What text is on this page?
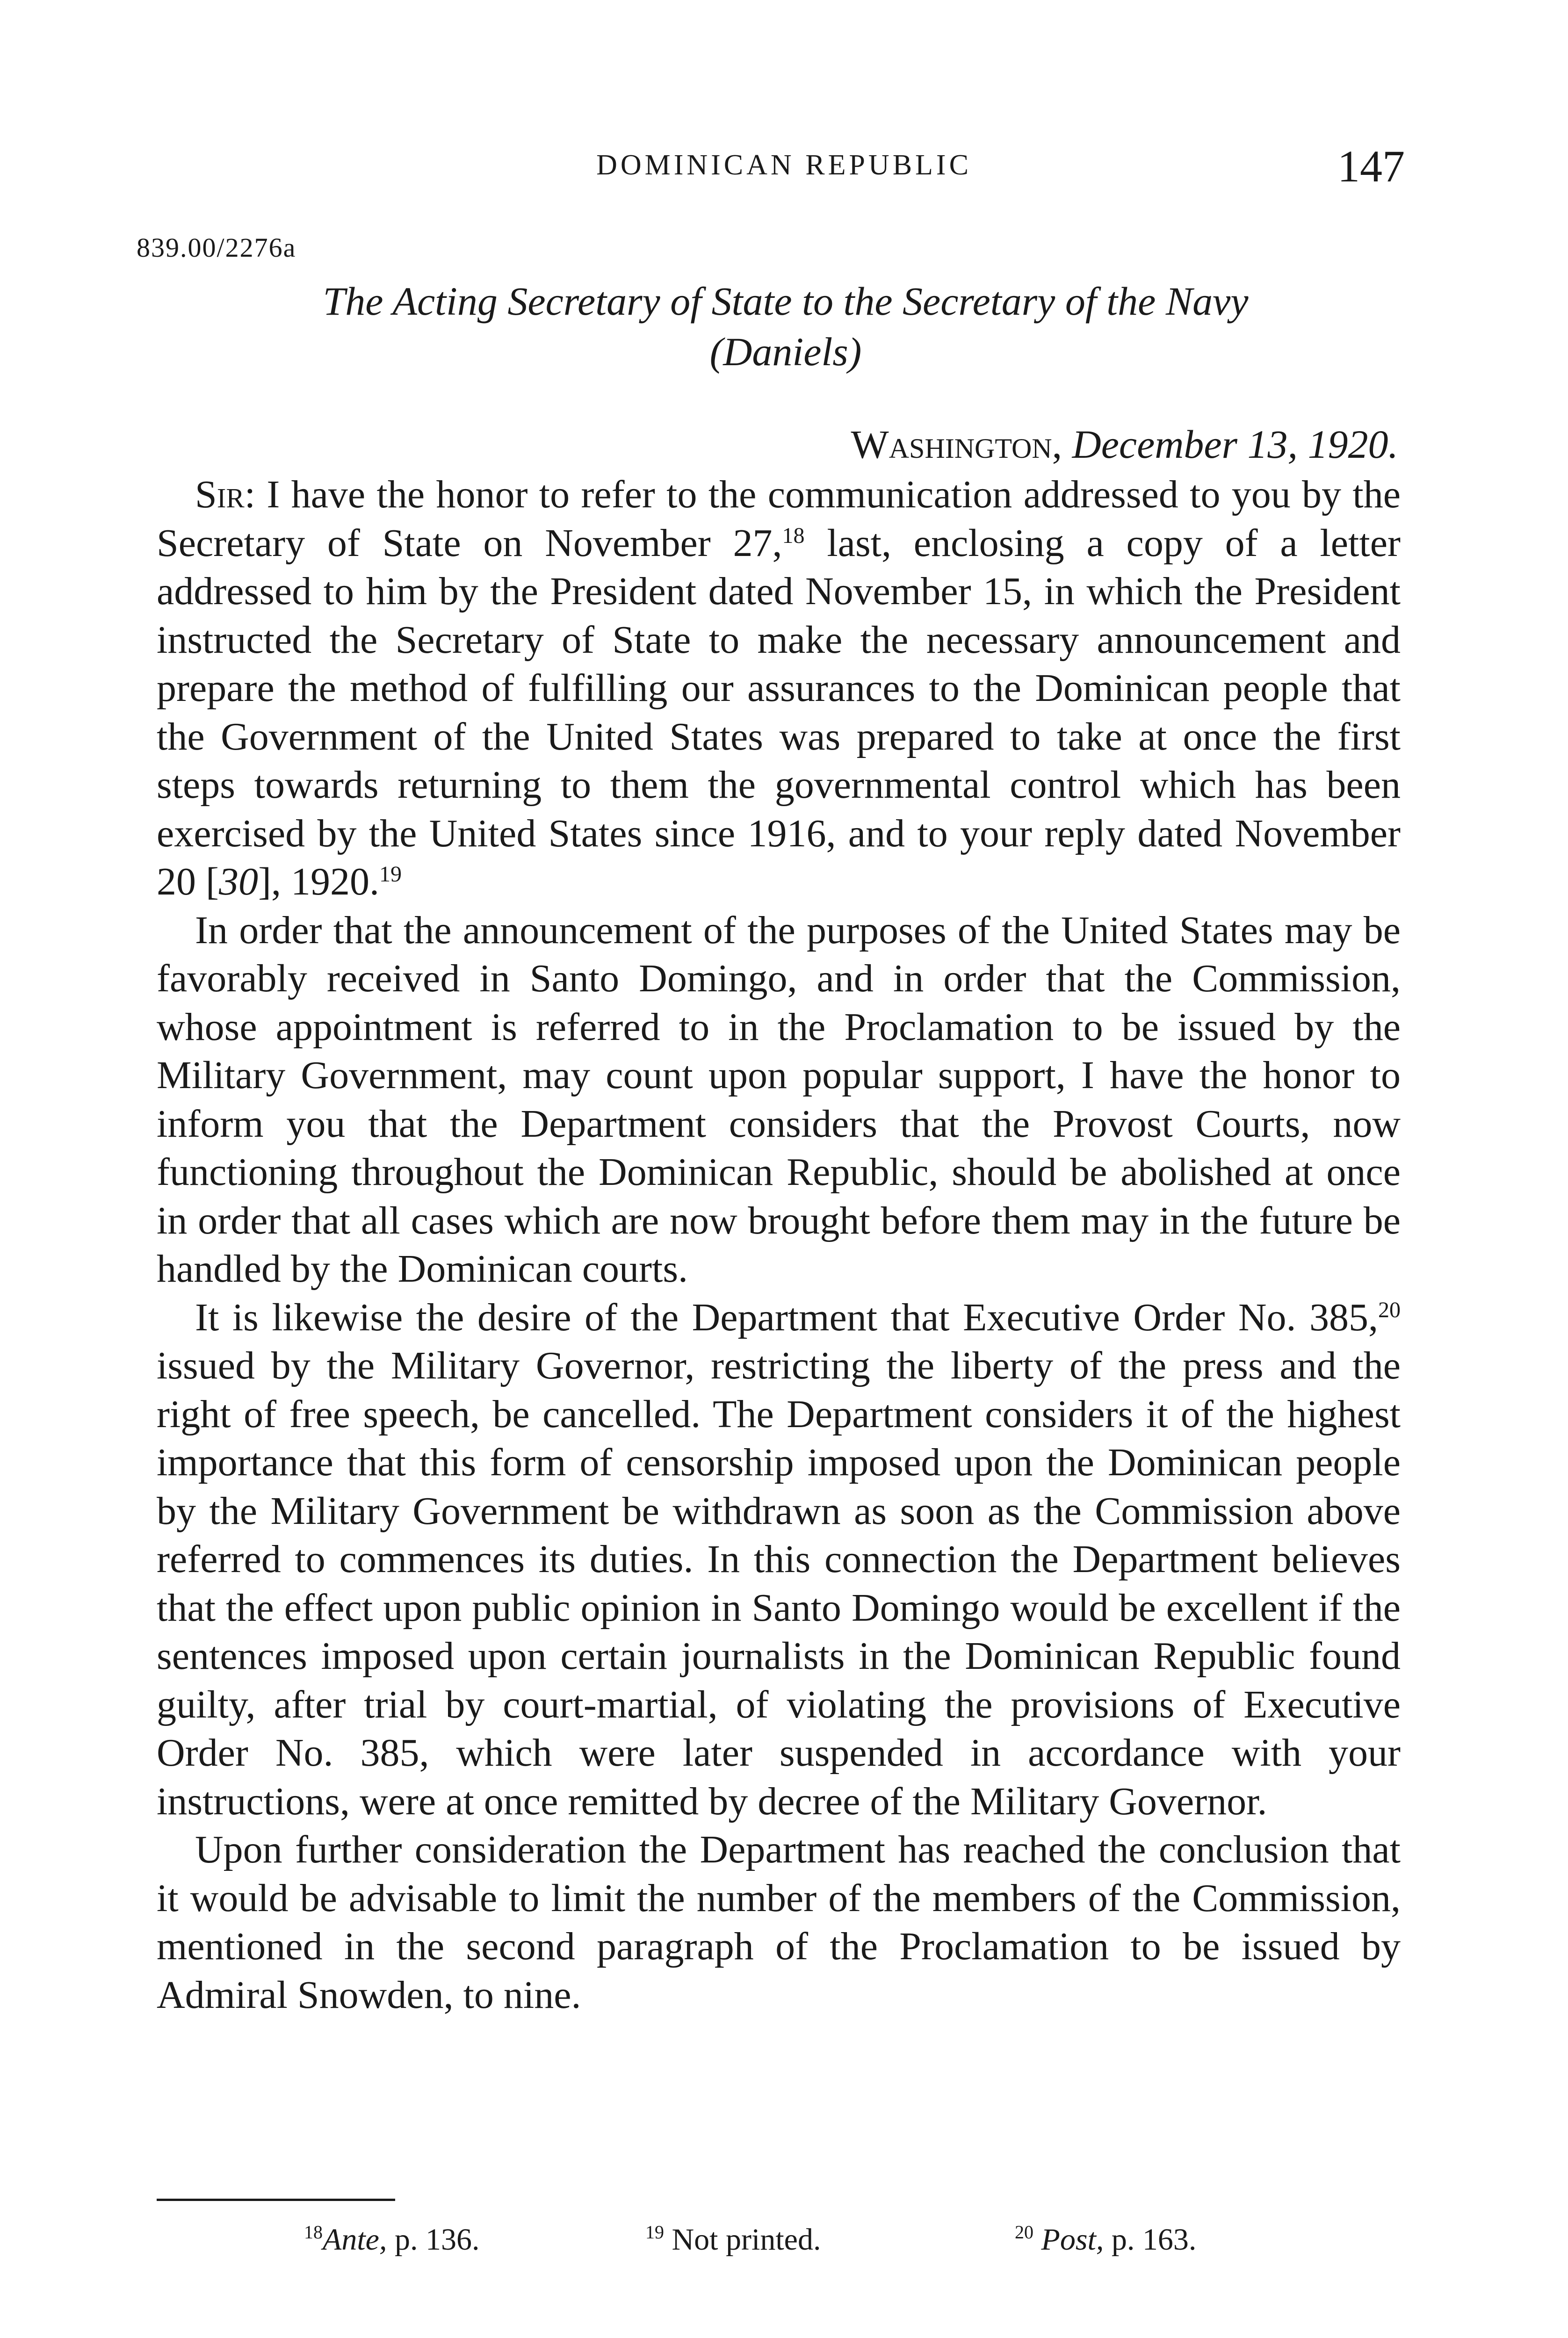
DOMINICAN REPUBLIC	147
839.00/2276a
The Acting Secretary of State to the Secretary of the Navy
(Daniels)
Washington, December 13, 1920.

Sir: I have the honor to refer to the communication addressed to you by the Secretary of State on November 27,18 last, enclosing a copy of a letter addressed to him by the President dated November 15, in which the President instructed the Secretary of State to make the necessary announcement and prepare the method of fulfilling our assurances to the Dominican people that the Government of the United States was prepared to take at once the first steps towards returning to them the governmental control which has been exercised by the United States since 1916, and to your reply dated November 20 [30], 1920.19

In order that the announcement of the purposes of the United States may be favorably received in Santo Domingo, and in order that the Commission, whose appointment is referred to in the Proclamation to be issued by the Military Government, may count upon popular support, I have the honor to inform you that the Department considers that the Provost Courts, now functioning throughout the Dominican Republic, should be abolished at once in order that all cases which are now brought before them may in the future be handled by the Dominican courts.

It is likewise the desire of the Department that Executive Order No. 385,20 issued by the Military Governor, restricting the liberty of the press and the right of free speech, be cancelled. The Department considers it of the highest importance that this form of censorship imposed upon the Dominican people by the Military Government be withdrawn as soon as the Commission above referred to commences its duties. In this connection the Department believes that the effect upon public opinion in Santo Domingo would be excellent if the sentences imposed upon certain journalists in the Dominican Republic found guilty, after trial by court-martial, of violating the provisions of Executive Order No. 385, which were later suspended in accordance with your instructions, were at once remitted by decree of the Military Governor.

Upon further consideration the Department has reached the conclusion that it would be advisable to limit the number of the members of the Commission, mentioned in the second paragraph of the Proclamation to be issued by Admiral Snowden, to nine.

$^{18}$Ante, p. 136.	$^{19}$ Not printed.	$^{20}$ Post, p. 163.
